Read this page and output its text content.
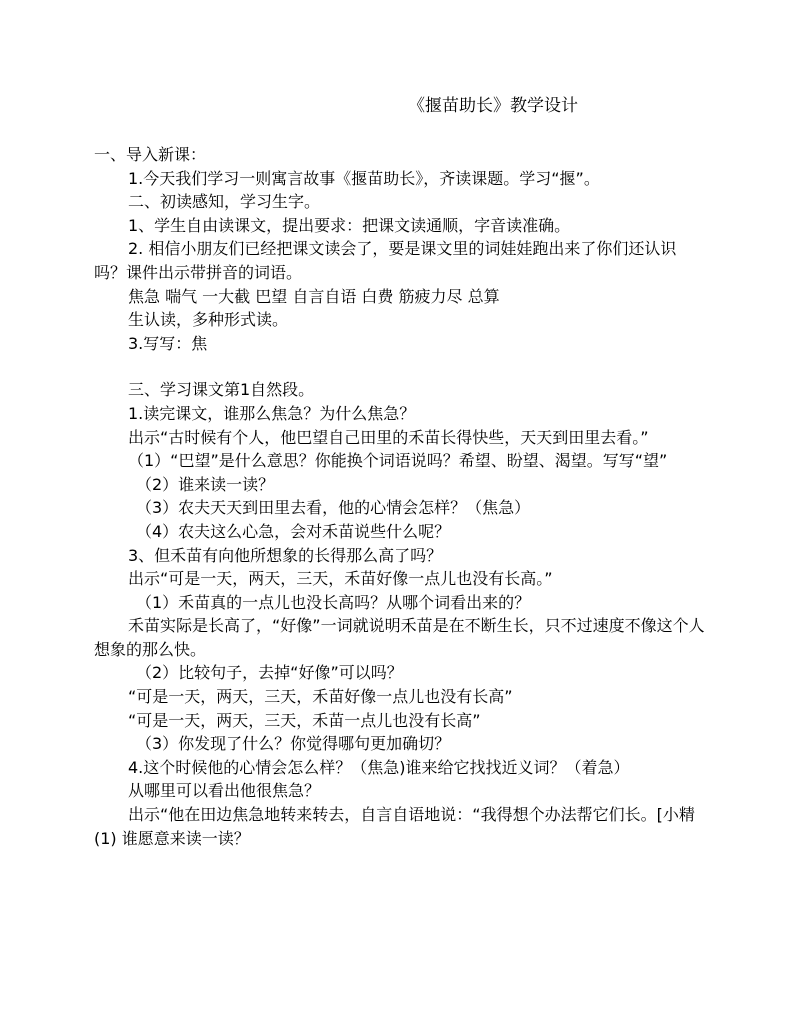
《揠苗助长》教学设计

一、导入新课：

1.今天我们学习一则寓言故事《揠苗助长》，齐读课题。学习“揠”。

二、初读感知，学习生字。

1、学生自由读课文，提出要求：把课文读通顺，字音读准确。

2. 相信小朋友们已经把课文读会了，要是课文里的词娃娃跑出来了你们还认识吗？课件出示带拼音的词语。

焦急 喘气 一大截 巴望 自言自语 白费 筋疲力尽 总算

生认读，多种形式读。

3.写写：焦

三、学习课文第1自然段。

1.读完课文，谁那么焦急？为什么焦急？

出示“古时候有个人，他巴望自己田里的禾苗长得快些，天天到田里去看。”

（1）“巴望”是什么意思？你能换个词语说吗？希望、盼望、渴望。写写“望”

（2）谁来读一读？

（3）农夫天天到田里去看，他的心情会怎样？（焦急）

（4）农夫这么心急，会对禾苗说些什么呢？

3、但禾苗有向他所想象的长得那么高了吗？

出示“可是一天，两天，三天，禾苗好像一点儿也没有长高。”

（1）禾苗真的一点儿也没长高吗？从哪个词看出来的？

禾苗实际是长高了，“好像”一词就说明禾苗是在不断生长，只不过速度不像这个人想象的那么快。

（2）比较句子，去掉“好像”可以吗？

“可是一天，两天，三天，禾苗好像一点儿也没有长高”

“可是一天，两天，三天，禾苗一点儿也没有长高”

（3）你发现了什么？你觉得哪句更加确切？

4.这个时候他的心情会怎么样？（焦急)谁来给它找找近义词？（着急）

从哪里可以看出他很焦急？

出示“他在田边焦急地转来转去，自言自语地说：“我得想个办法帮它们长。[小精

(1) 谁愿意来读一读？
